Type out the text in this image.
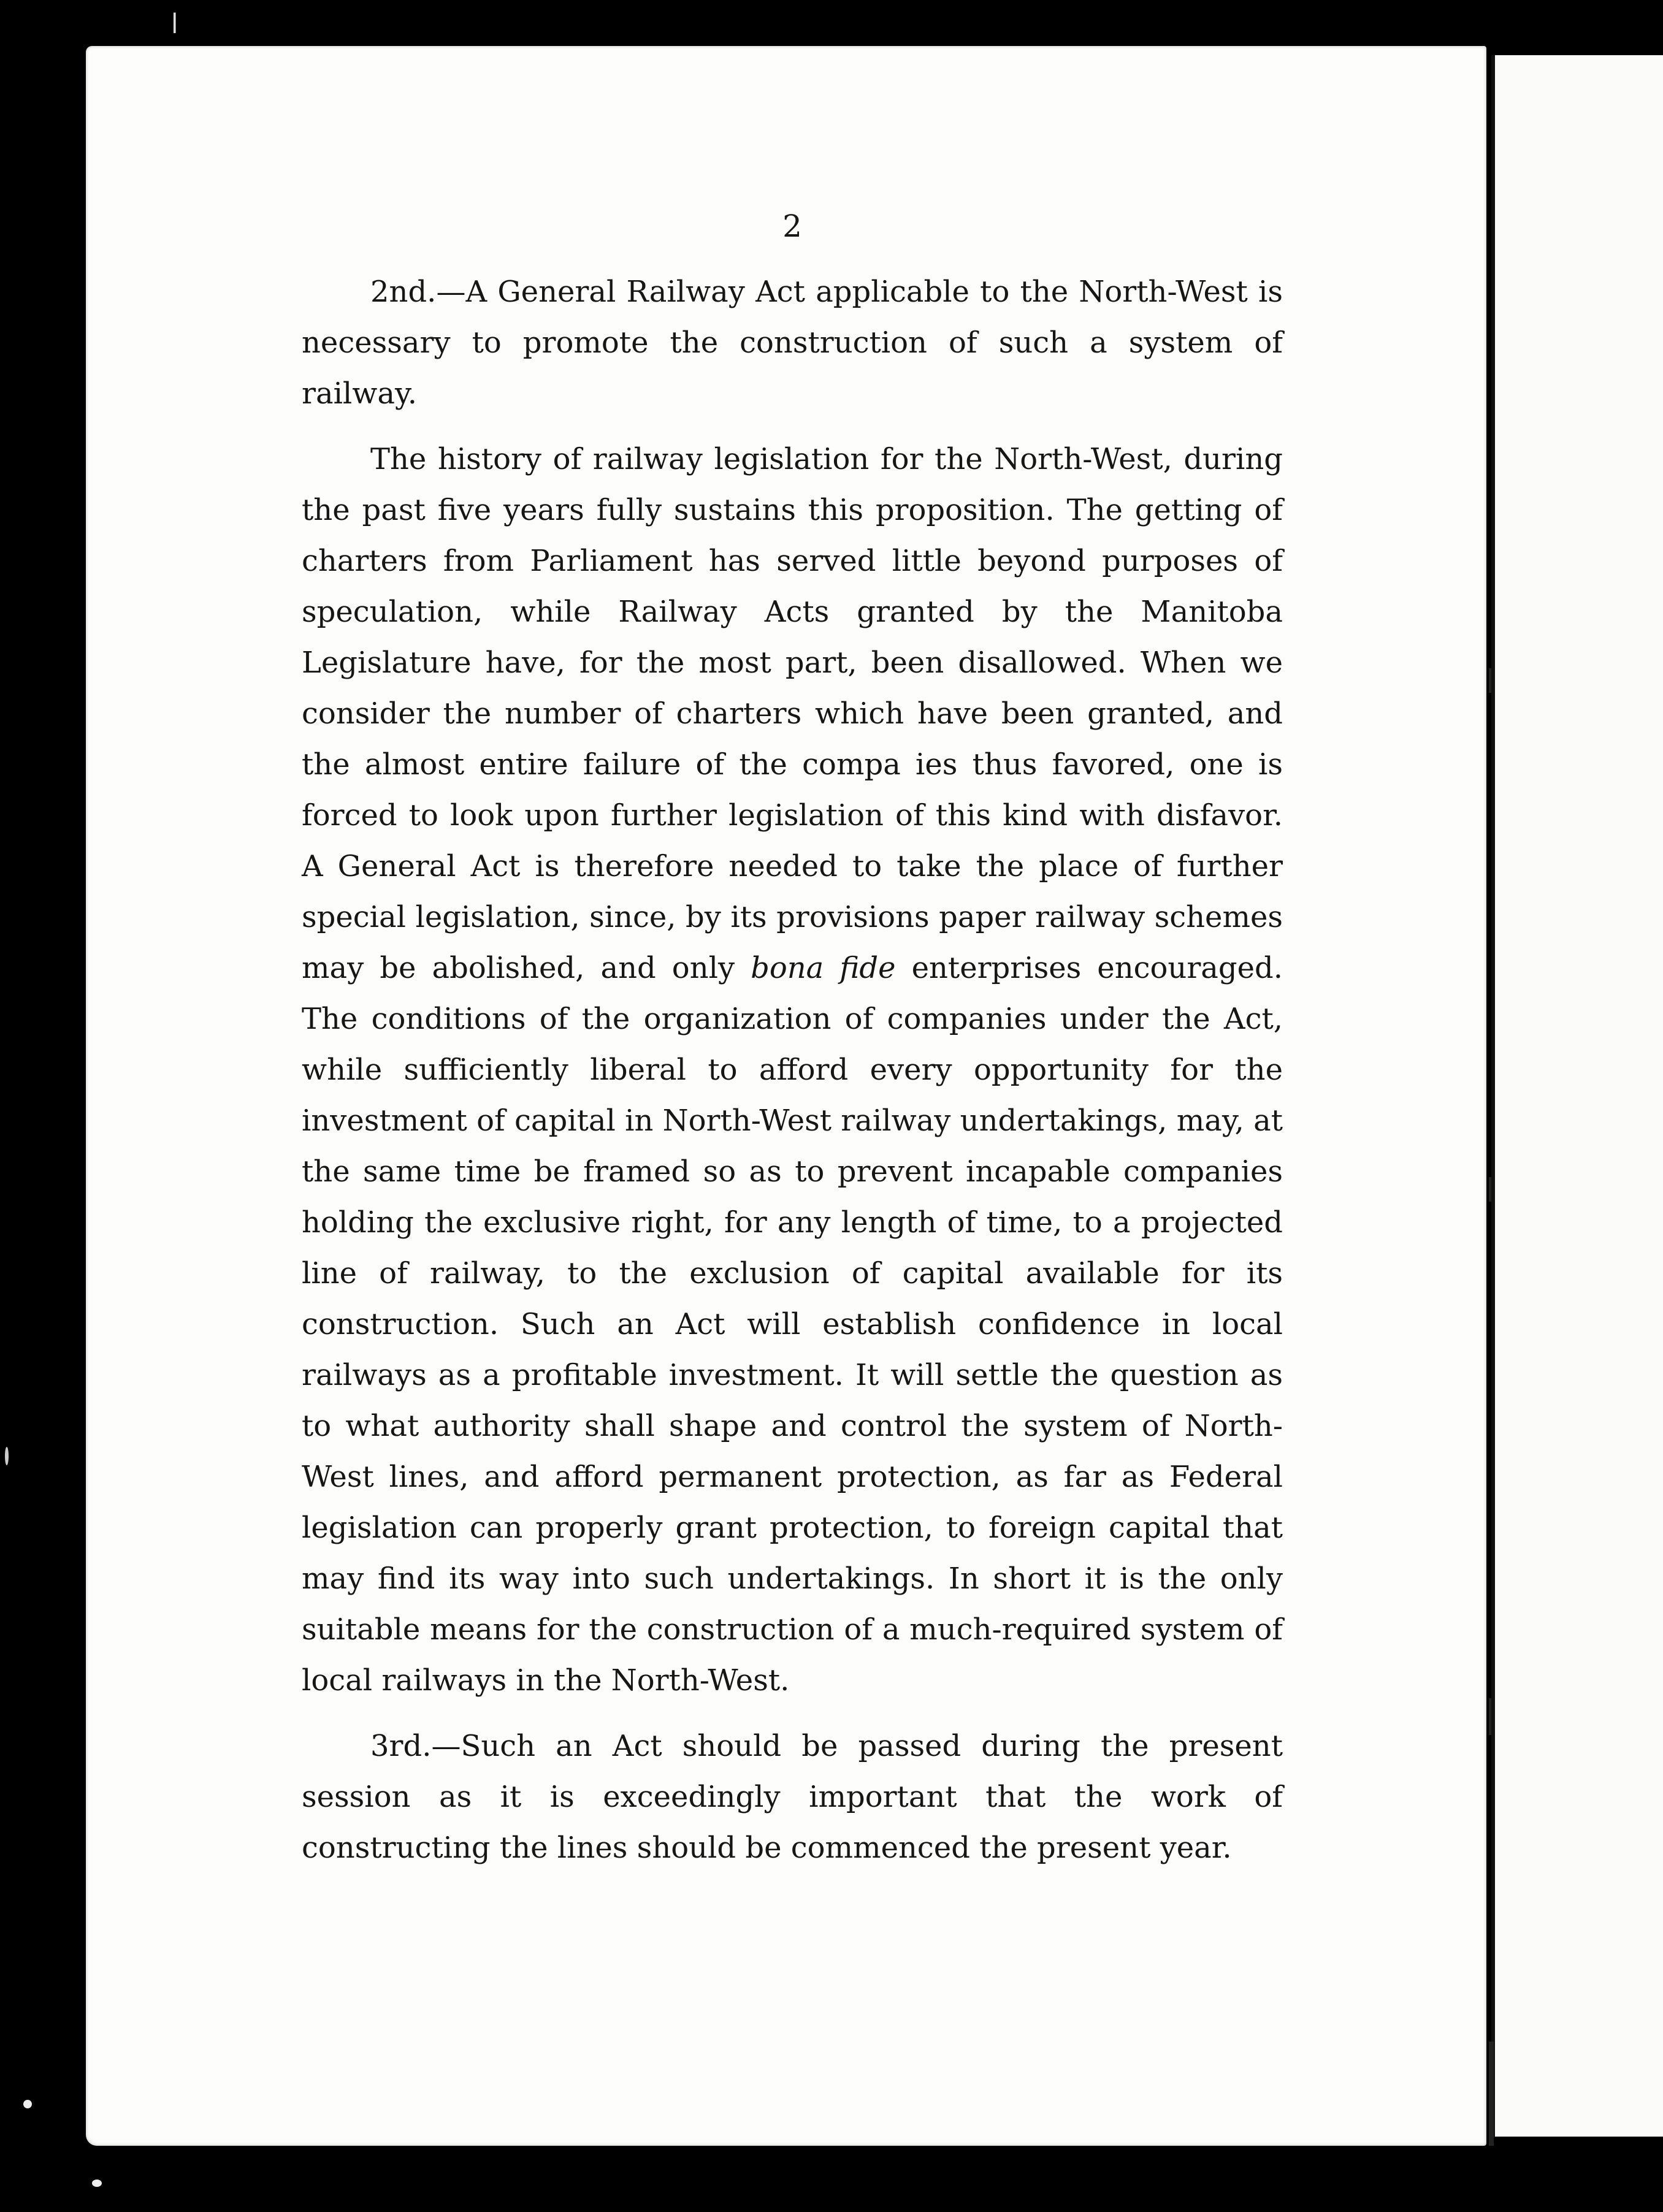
ǀ
2

2nd.—A General Railway Act applicable to the North-West is necessary to promote the construction of such a system of railway.

The history of railway legislation for the North-West, during the past five years fully sustains this proposition. The getting of charters from Parliament has served little beyond purposes of speculation, while Railway Acts granted by the Manitoba Legislature have, for the most part, been disallowed. When we consider the number of charters which have been granted, and the almost entire failure of the compa ies thus favored, one is forced to look upon further legislation of this kind with disfavor. A General Act is therefore needed to take the place of further special legislation, since, by its provisions paper railway schemes may be abolished, and only bona fide enterprises encouraged. The conditions of the organization of companies under the Act, while sufficiently liberal to afford every opportunity for the investment of capital in North-West railway undertakings, may, at the same time be framed so as to prevent incapable companies holding the exclusive right, for any length of time, to a projected line of railway, to the exclusion of capital available for its construction. Such an Act will establish confidence in local railways as a profitable investment. It will settle the question as to what authority shall shape and control the system of North-West lines, and afford permanent protection, as far as Federal legislation can properly grant protection, to foreign capital that may find its way into such undertakings. In short it is the only suitable means for the construction of a much-required system of local railways in the North-West.

3rd.—Such an Act should be passed during the present session as it is exceedingly important that the work of constructing the lines should be commenced the present year.
